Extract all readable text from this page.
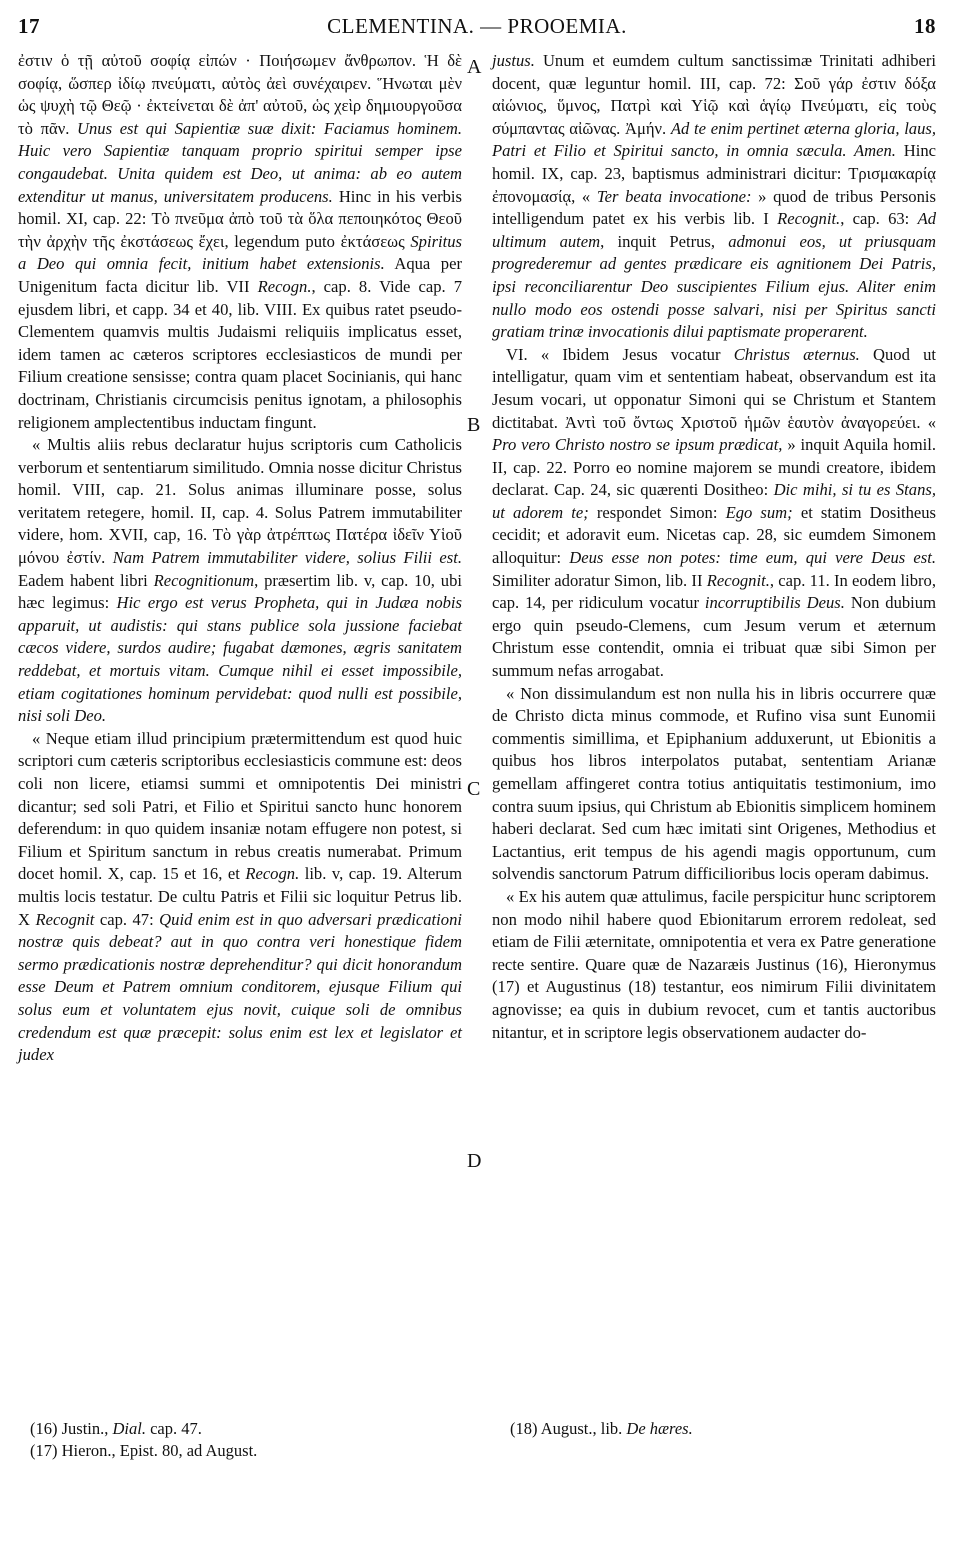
17	CLEMENTINA. — PROOEMIA.	18

ἐστιν ὁ τῇ αὐτοῦ σοφίᾳ εἰπών · Ποιήσωμεν ἄνθρωπον. Ἡ δὲ σοφίᾳ, ὥσπερ ἰδίῳ πνεύματι, αὐτὸς ἀεὶ συνέχαιρεν. Ἥνωται μὲν ὡς ψυχὴ τῷ Θεῷ · ἐκτείνεται δὲ ἀπ' αὐτοῦ, ὡς χεὶρ δημιουργοῦσα τὸ πᾶν. Unus est qui Sapientiæ suæ dixit: Faciamus hominem. Huic vero Sapientiæ tanquam proprio spiritui semper ipse congaudebat. Unita quidem est Deo, ut anima: ab eo autem extenditur ut manus, universitatem producens. Hinc in his verbis homil. XI, cap. 22: Τὸ πνεῦμα ἀπὸ τοῦ τὰ ὅλα πεποιηκότος Θεοῦ τὴν ἀρχὴν τῆς ἐκστάσεως ἔχει, legendum puto ἐκτάσεως Spiritus a Deo qui omnia fecit, initium habet extensionis. Aqua per Unigenitum facta dicitur lib. VII Recogn., cap. 8. Vide cap. 7 ejusdem libri, et capp. 34 et 40, lib. VIII. Ex quibus ratet pseudo-Clementem quamvis multis Judaismi reliquiis implicatus esset, idem tamen ac cæteros scriptores ecclesiasticos de mundi per Filium creatione sensisse; contra quam placet Socinianis, qui hanc doctrinam, Christianis circumcisis penitus ignotam, a philosophis religionem amplectentibus inductam fingunt.

« Multis aliis rebus declaratur hujus scriptoris cum Catholicis verborum et sententiarum similitudo. Omnia nosse dicitur Christus homil. VIII, cap. 21. Solus animas illuminare posse, solus veritatem retegere, homil. II, cap. 4. Solus Patrem immutabiliter videre, hom. XVII, cap, 16. Τὸ γὰρ ἀτρέπτως Πατέρα ἰδεῖν Υἱοῦ μόνου ἐστίν. Nam Patrem immutabiliter videre, solius Filii est. Eadem habent libri Recognitionum, præsertim lib. v, cap. 10, ubi hæc legimus: Hic ergo est verus Propheta, qui in Judæa nobis apparuit, ut audistis: qui stans publice sola jussione faciebat cæcos videre, surdos audire; fugabat dæmones, ægris sanitatem reddebat, et mortuis vitam. Cumque nihil ei esset impossibile, etiam cogitationes hominum pervidebat: quod nulli est possibile, nisi soli Deo.

« Neque etiam illud principium prætermittendum est quod huic scriptori cum cæteris scriptoribus ecclesiasticis commune est: deos coli non licere, etiamsi summi et omnipotentis Dei ministri dicantur; sed soli Patri, et Filio et Spiritui sancto hunc honorem deferendum: in quo quidem insaniæ notam effugere non potest, si Filium et Spiritum sanctum in rebus creatis numerabat. Primum docet homil. X, cap. 15 et 16, et Recogn. lib. v, cap. 19. Alterum multis locis testatur. De cultu Patris et Filii sic loquitur Petrus lib. X Recognit cap. 47: Quid enim est in quo adversari prædicationi nostræ quis debeat? aut in quo contra veri honestique fidem sermo prædicationis nostræ deprehenditur? qui dicit honorandum esse Deum et Patrem omnium conditorem, ejusque Filium qui solus eum et voluntatem ejus novit, cuique soli de omnibus credendum est quæ præcepit: solus enim est lex et legislator et judex

justus. Unum et eumdem cultum sanctissimæ Trinitati adhiberi docent, quæ leguntur homil. III, cap. 72: Σοῦ γάρ ἐστιν δόξα αἰώνιος, ὕμνος, Πατρὶ καὶ Υἱῷ καὶ ἁγίῳ Πνεύματι, εἰς τοὺς σύμπαντας αἰῶνας. Ἀμήν. Ad te enim pertinet æterna gloria, laus, Patri et Filio et Spiritui sancto, in omnia sæcula. Amen. Hinc homil. IX, cap. 23, baptismus administrari dicitur: Τρισμακαρίᾳ ἐπονομασίᾳ, « Ter beata invocatione: » quod de tribus Personis intelligendum patet ex his verbis lib. I Recognit., cap. 63: Ad ultimum autem, inquit Petrus, admonui eos, ut priusquam progrederemur ad gentes prædicare eis agnitionem Dei Patris, ipsi reconciliarentur Deo suscipientes Filium ejus. Aliter enim nullo modo eos ostendi posse salvari, nisi per Spiritus sancti gratiam trinæ invocationis dilui paptismate properarent.

VI. « Ibidem Jesus vocatur Christus æternus. Quod ut intelligatur, quam vim et sententiam habeat, observandum est ita Jesum vocari, ut opponatur Simoni qui se Christum et Stantem dictitabat. Ἀντὶ τοῦ ὄντως Χριστοῦ ἡμῶν ἑαυτὸν ἀναγορεύει. « Pro vero Christo nostro se ipsum prædicat, » inquit Aquila homil. II, cap. 22. Porro eo nomine majorem se mundi creatore, ibidem declarat. Cap. 24, sic quærenti Dositheo: Dic mihi, si tu es Stans, ut adorem te; respondet Simon: Ego sum; et statim Dositheus cecidit; et adoravit eum. Nicetas cap. 28, sic eumdem Simonem alloquitur: Deus esse non potes: time eum, qui vere Deus est. Similiter adoratur Simon, lib. II Recognit., cap. 11. In eodem libro, cap. 14, per ridiculum vocatur incorruptibilis Deus. Non dubium ergo quin pseudo-Clemens, cum Jesum verum et æternum Christum esse contendit, omnia ei tribuat quæ sibi Simon per summum nefas arrogabat.

« Non dissimulandum est non nulla his in libris occurrere quæ de Christo dicta minus commode, et Rufino visa sunt Eunomii commentis simillima, et Epiphanium adduxerunt, ut Ebionitis a quibus hos libros interpolatos putabat, sententiam Arianæ gemellam affingeret contra totius antiquitatis testimonium, imo contra suum ipsius, qui Christum ab Ebionitis simplicem hominem haberi declarat. Sed cum hæc imitati sint Origenes, Methodius et Lactantius, erit tempus de his agendi magis opportunum, cum solvendis sanctorum Patrum difficilioribus locis operam dabimus.

« Ex his autem quæ attulimus, facile perspicitur hunc scriptorem non modo nihil habere quod Ebionitarum errorem redoleat, sed etiam de Filii æternitate, omnipotentia et vera ex Patre generatione recte sentire. Quare quæ de Nazaræis Justinus (16), Hieronymus (17) et Augustinus (18) testantur, eos nimirum Filii divinitatem agnovisse; ea quis in dubium revocet, cum et tantis auctoribus nitantur, et in scriptore legis observationem audacter do-

A
B
C
D
(16) Justin., Dial. cap. 47.
(17) Hieron., Epist. 80, ad August.
(18) August., lib. De hæres.
